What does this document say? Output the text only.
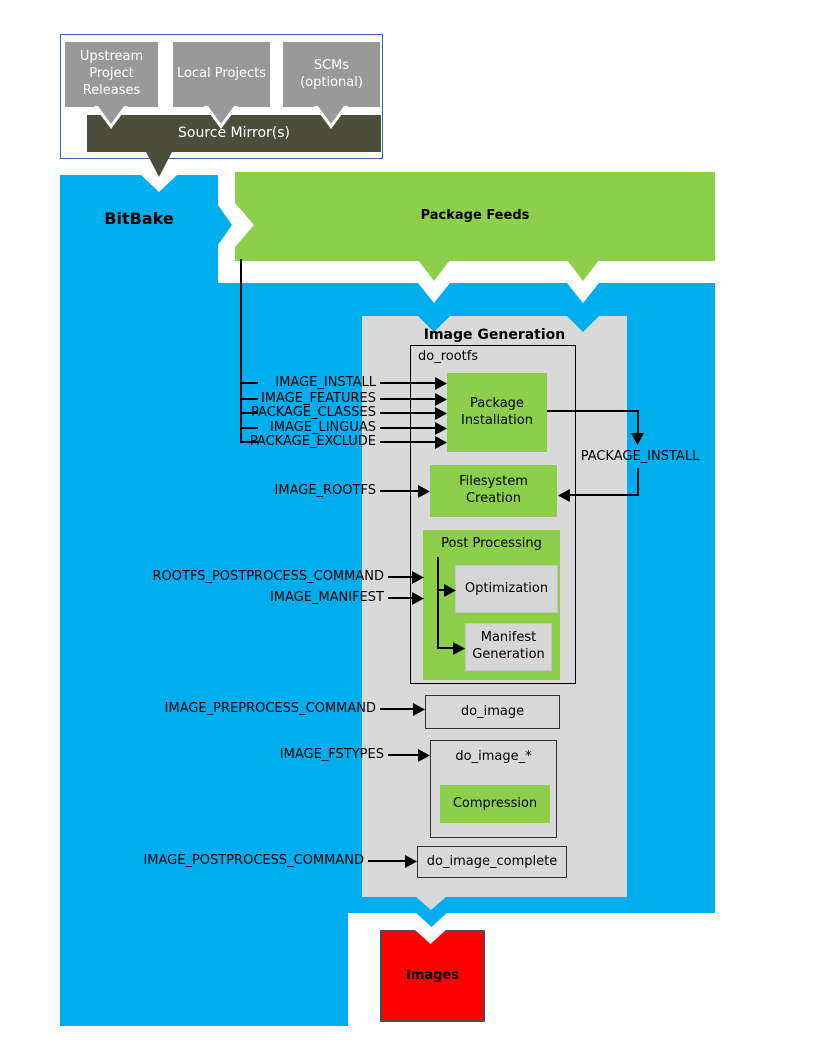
BitBake
Image Generation
do_rootfs
Package Installation
Filesystem Creation
Post Processing
Optimization
Manifest Generation
do_image
do_image_*
Compression
do_image_complete
Package Feeds
Upstream Project Releases
Local Projects
SCMs (optional)
Source Mirror(s)
IMAGE_INSTALL
IMAGE_FEATURES
PACKAGE_CLASSES
IMAGE_LINGUAS
PACKAGE_EXCLUDE
PACKAGE_INSTALL
IMAGE_ROOTFS
ROOTFS_POSTPROCESS_COMMAND
IMAGE_MANIFEST
IMAGE_PREPROCESS_COMMAND
IMAGE_FSTYPES
IMAGE_POSTPROCESS_COMMAND
Images
